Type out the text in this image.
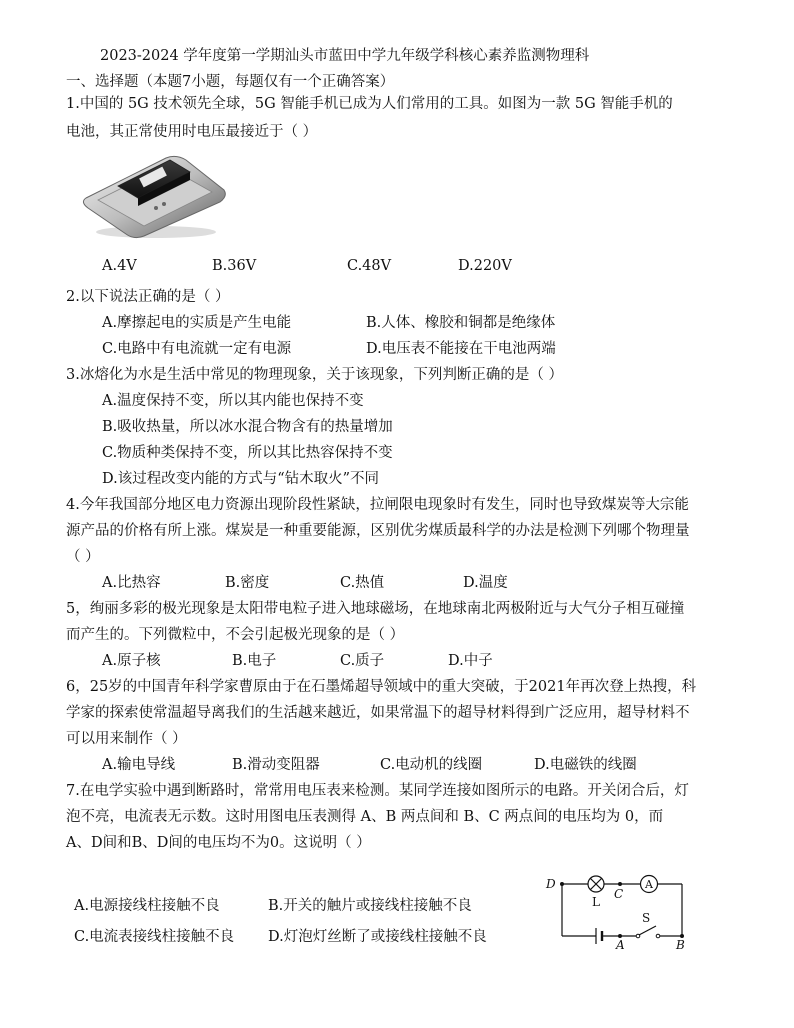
2023-2024 学年度第一学期汕头市蓝田中学九年级学科核心素养监测物理科
一、选择题（本题7小题，每题仅有一个正确答案）
1.中国的 5G 技术领先全球，5G 智能手机已成为人们常用的工具。如图为一款 5G 智能手机的
电池，其正常使用时电压最接近于（ ）
A.4V	B.36V	C.48V	D.220V
2.以下说法正确的是（ ）
A.摩擦起电的实质是产生电能	B.人体、橡胶和铜都是绝缘体
C.电路中有电流就一定有电源	D.电压表不能接在干电池两端
3.冰熔化为水是生活中常见的物理现象，关于该现象，下列判断正确的是（ ）
A.温度保持不变，所以其内能也保持不变
B.吸收热量，所以冰水混合物含有的热量增加
C.物质种类保持不变，所以其比热容保持不变
D.该过程改变内能的方式与“钻木取火”不同
4.今年我国部分地区电力资源出现阶段性紧缺，拉闸限电现象时有发生，同时也导致煤炭等大宗能
源产品的价格有所上涨。煤炭是一种重要能源，区别优劣煤质最科学的办法是检测下列哪个物理量
（ ）
A.比热容	B.密度	C.热值	D.温度
5，绚丽多彩的极光现象是太阳带电粒子进入地球磁场，在地球南北两极附近与大气分子相互碰撞
而产生的。下列微粒中，不会引起极光现象的是（ ）
A.原子核	B.电子	C.质子	D.中子
6，25岁的中国青年科学家曹原由于在石墨烯超导领域中的重大突破，于2021年再次登上热搜，科
学家的探索使常温超导离我们的生活越来越近，如果常温下的超导材料得到广泛应用，超导材料不
可以用来制作（ ）
A.输电导线	B.滑动变阻器	C.电动机的线圈	D.电磁铁的线圈
7.在电学实验中遇到断路时，常常用电压表来检测。某同学连接如图所示的电路。开关闭合后，灯
泡不亮，电流表无示数。这时用图电压表测得 A、B 两点间和 B、C 两点间的电压均为 0，而
A、D间和B、D间的电压均不为0。这说明（ ）
A.电源接线柱接触不良	B.开关的触片或接线柱接触不良
C.电流表接线柱接触不良 D.灯泡灯丝断了或接线柱接触不良
A
D
L
C
A
S
B
